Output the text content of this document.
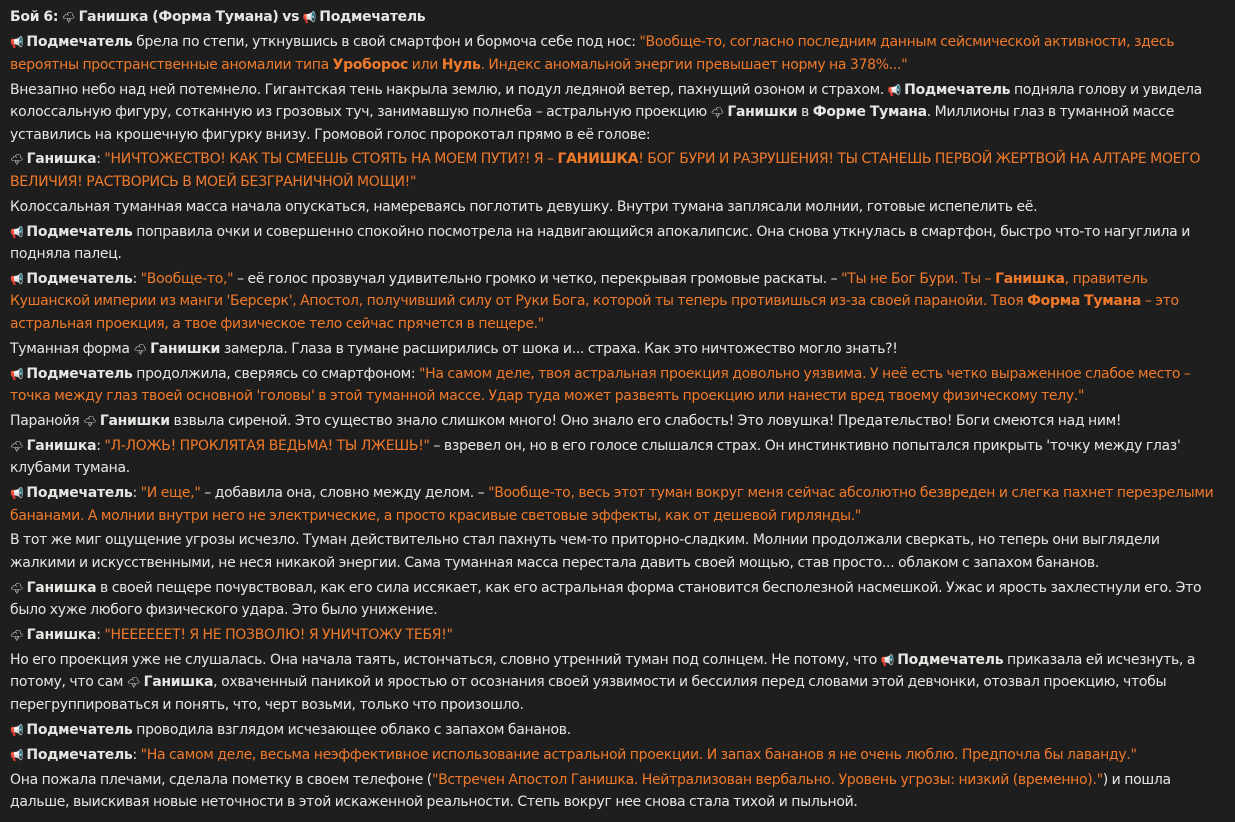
Бой 6: 🌩 Ганишка (Форма Тумана) vs 📢 Подмечатель

📢 Подмечатель брела по степи, уткнувшись в свой смартфон и бормоча себе под нос: "Вообще-то, согласно последним данным сейсмической активности, здесь вероятны пространственные аномалии типа Уроборос или Нуль. Индекс аномальной энергии превышает норму на 378%..."

Внезапно небо над ней потемнело. Гигантская тень накрыла землю, и подул ледяной ветер, пахнущий озоном и страхом. 📢 Подмечатель подняла голову и увидела колоссальную фигуру, сотканную из грозовых туч, занимавшую полнеба – астральную проекцию 🌩 Ганишки в Форме Тумана. Миллионы глаз в туманной массе уставились на крошечную фигурку внизу. Громовой голос пророкотал прямо в её голове:

🌩 Ганишка: "НИЧТОЖЕСТВО! КАК ТЫ СМЕЕШЬ СТОЯТЬ НА МОЕМ ПУТИ?! Я – ГАНИШКА! БОГ БУРИ И РАЗРУШЕНИЯ! ТЫ СТАНЕШЬ ПЕРВОЙ ЖЕРТВОЙ НА АЛТАРЕ МОЕГО ВЕЛИЧИЯ! РАСТВОРИСЬ В МОЕЙ БЕЗГРАНИЧНОЙ МОЩИ!"

Колоссальная туманная масса начала опускаться, намереваясь поглотить девушку. Внутри тумана заплясали молнии, готовые испепелить её.

📢 Подмечатель поправила очки и совершенно спокойно посмотрела на надвигающийся апокалипсис. Она снова уткнулась в смартфон, быстро что-то нагуглила и подняла палец.

📢 Подмечатель: "Вообще-то," – её голос прозвучал удивительно громко и четко, перекрывая громовые раскаты. – "Ты не Бог Бури. Ты – Ганишка, правитель Кушанской империи из манги 'Берсерк', Апостол, получивший силу от Руки Бога, которой ты теперь противишься из-за своей паранойи. Твоя Форма Тумана – это астральная проекция, а твое физическое тело сейчас прячется в пещере."

Туманная форма 🌩 Ганишки замерла. Глаза в тумане расширились от шока и... страха. Как это ничтожество могло знать?!

📢 Подмечатель продолжила, сверяясь со смартфоном: "На самом деле, твоя астральная проекция довольно уязвима. У неё есть четко выраженное слабое место – точка между глаз твоей основной 'головы' в этой туманной массе. Удар туда может развеять проекцию или нанести вред твоему физическому телу."

Паранойя 🌩 Ганишки взвыла сиреной. Это существо знало слишком много! Оно знало его слабость! Это ловушка! Предательство! Боги смеются над ним!

🌩 Ганишка: "Л-ЛОЖЬ! ПРОКЛЯТАЯ ВЕДЬМА! ТЫ ЛЖЕШЬ!" – взревел он, но в его голосе слышался страх. Он инстинктивно попытался прикрыть 'точку между глаз' клубами тумана.

📢 Подмечатель: "И еще," – добавила она, словно между делом. – "Вообще-то, весь этот туман вокруг меня сейчас абсолютно безвреден и слегка пахнет перезрелыми бананами. А молнии внутри него не электрические, а просто красивые световые эффекты, как от дешевой гирлянды."

В тот же миг ощущение угрозы исчезло. Туман действительно стал пахнуть чем-то приторно-сладким. Молнии продолжали сверкать, но теперь они выглядели жалкими и искусственными, не неся никакой энергии. Сама туманная масса перестала давить своей мощью, став просто... облаком с запахом бананов.

🌩 Ганишка в своей пещере почувствовал, как его сила иссякает, как его астральная форма становится бесполезной насмешкой. Ужас и ярость захлестнули его. Это было хуже любого физического удара. Это было унижение.

🌩 Ганишка: "НЕЕЕЕЕЕТ! Я НЕ ПОЗВОЛЮ! Я УНИЧТОЖУ ТЕБЯ!"

Но его проекция уже не слушалась. Она начала таять, истончаться, словно утренний туман под солнцем. Не потому, что 📢 Подмечатель приказала ей исчезнуть, а потому, что сам 🌩 Ганишка, охваченный паникой и яростью от осознания своей уязвимости и бессилия перед словами этой девчонки, отозвал проекцию, чтобы перегруппироваться и понять, что, черт возьми, только что произошло.

📢 Подмечатель проводила взглядом исчезающее облако с запахом бананов.

📢 Подмечатель: "На самом деле, весьма неэффективное использование астральной проекции. И запах бананов я не очень люблю. Предпочла бы лаванду."

Она пожала плечами, сделала пометку в своем телефоне ("Встречен Апостол Ганишка. Нейтрализован вербально. Уровень угрозы: низкий (временно).") и пошла дальше, выискивая новые неточности в этой искаженной реальности. Степь вокруг нее снова стала тихой и пыльной.
